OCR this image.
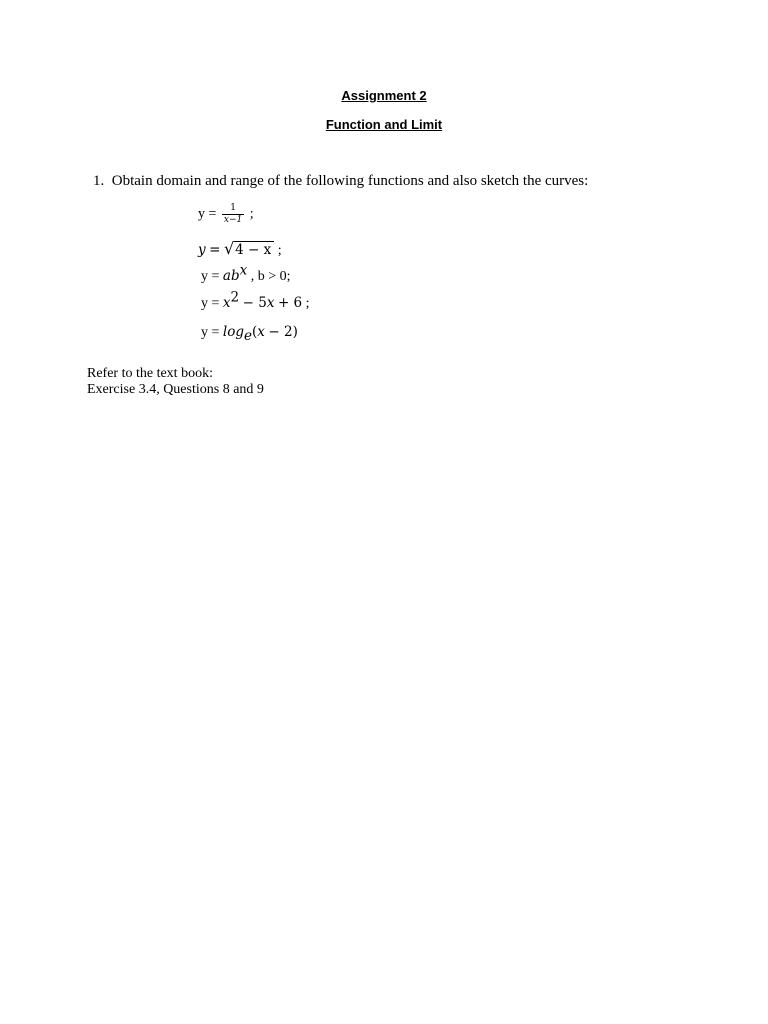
Assignment 2
Function and Limit
1. Obtain domain and range of the following functions and also sketch the curves:
$y = \frac{1}{x-1}$ ;
y = √4 − x ;
$y = ab^x$ , b > 0;
$y = x^2 - 5x + 6$ ;
$y = \log_e(x - 2)$
Refer to the text book:
Exercise 3.4, Questions 8 and 9
